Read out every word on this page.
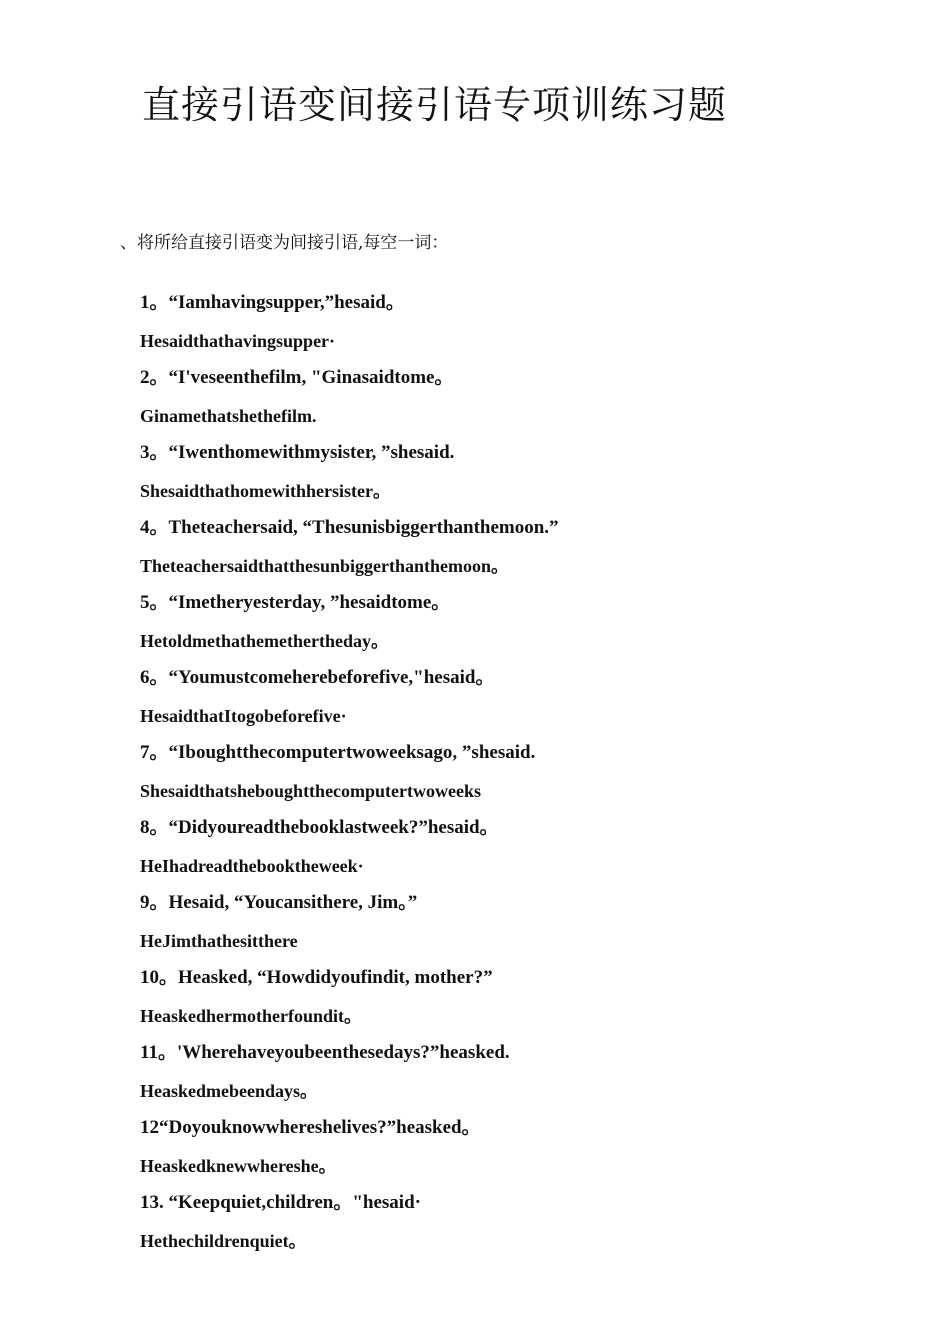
直接引语变间接引语专项训练习题
、将所给直接引语变为间接引语,每空一词：
1。“Iamhavingsupper,”hesaid。
Hesaidthathavingsupper·
2。“I'veseenthefilm, "Ginasaidtome。
Ginamethatshethefilm.
3。“Iwenthomewithmysister, ”shesaid.
Shesaidthathomewithhersister。
4。Theteachersaid, “Thesunisbiggerthanthemoon.”
Theteachersaidthatthesunbiggerthanthemoon。
5。“Imetheryesterday, ”hesaidtome。
Hetoldmethathemethertheday。
6。“Youmustcomeherebeforefive,"hesaid。
HesaidthatItogobeforefive·
7。“Iboughtthecomputertwoweeksago, ”shesaid.
Shesaidthatsheboughtthecomputertwoweeks
8。“Didyoureadthebooklastweek?”hesaid。
HeIhadreadthebooktheweek·
9。Hesaid, “Youcansithere, Jim。”
HeJimthathesitthere
10。Heasked, “Howdidyoufindit, mother?”
Heaskedhermotherfoundit。
11。'Wherehaveyoubeenthesedays?”heasked.
Heaskedmebeendays。
12“Doyouknowwhereshelives?”heasked。
Heaskedknewwhereshe。
13. “Keepquiet,children。"hesaid·
Hethechildrenquiet。
